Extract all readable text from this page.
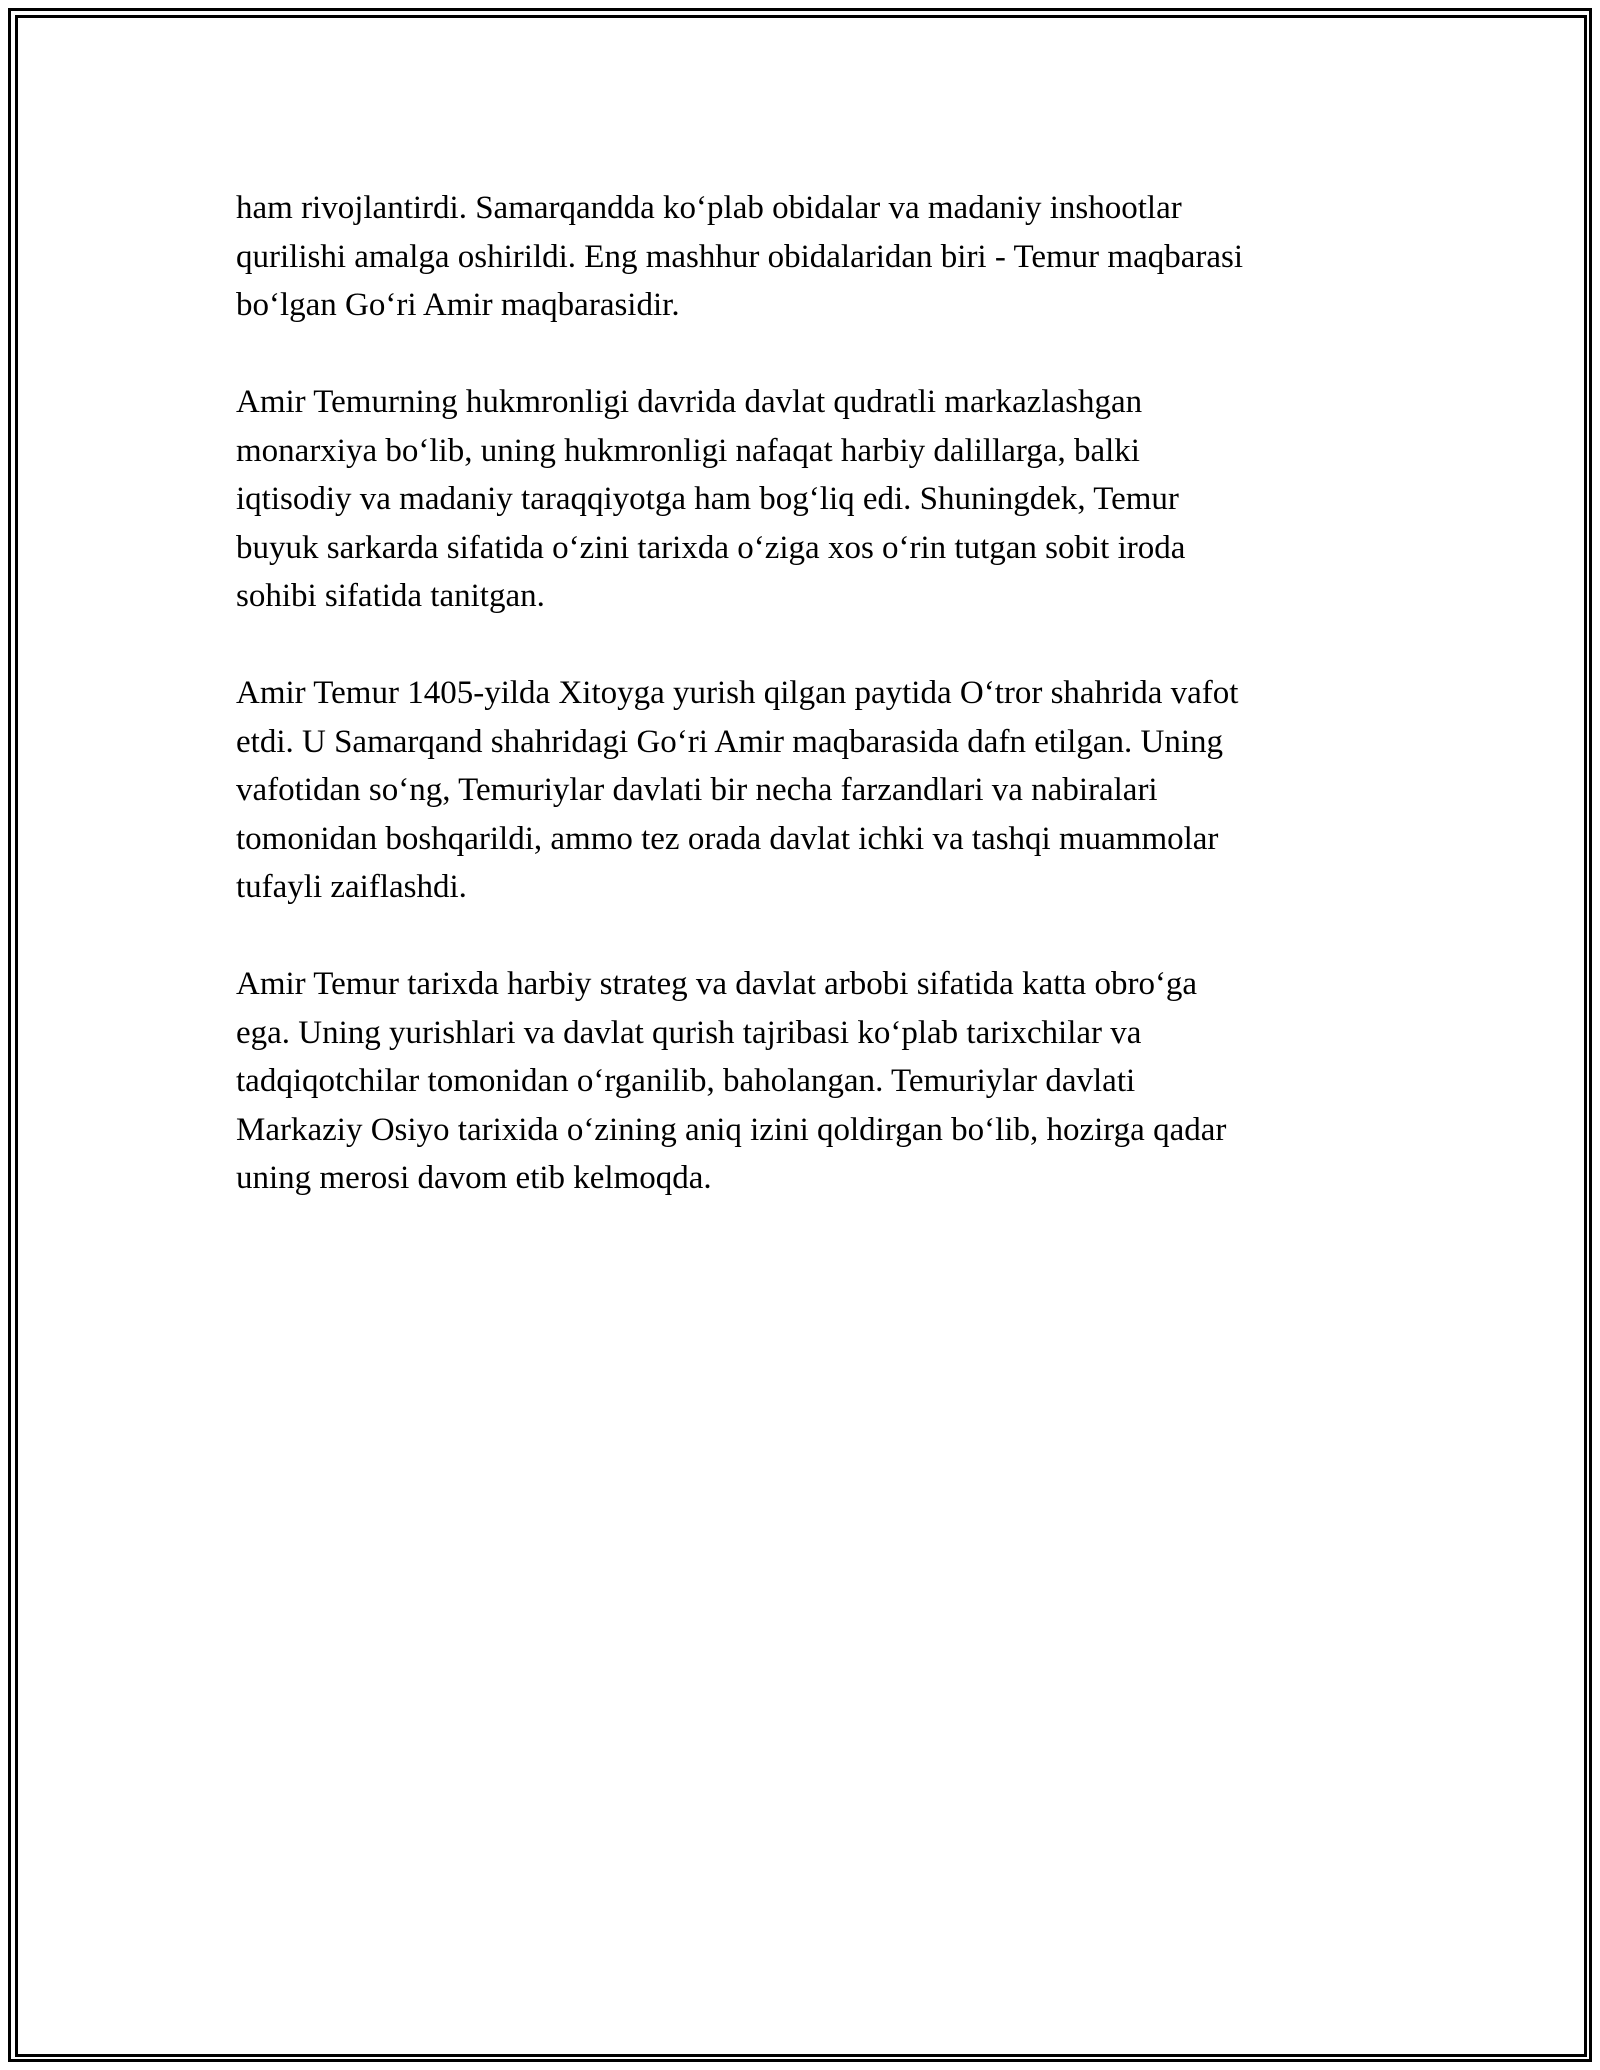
ham rivojlantirdi. Samarqandda ko‘plab obidalar va madaniy inshootlar
qurilishi amalga oshirildi. Eng mashhur obidalaridan biri - Temur maqbarasi
bo‘lgan Go‘ri Amir maqbarasidir.

Amir Temurning hukmronligi davrida davlat qudratli markazlashgan
monarxiya bo‘lib, uning hukmronligi nafaqat harbiy dalillarga, balki
iqtisodiy va madaniy taraqqiyotga ham bog‘liq edi. Shuningdek, Temur
buyuk sarkarda sifatida o‘zini tarixda o‘ziga xos o‘rin tutgan sobit iroda
sohibi sifatida tanitgan.

Amir Temur 1405-yilda Xitoyga yurish qilgan paytida O‘tror shahrida vafot
etdi. U Samarqand shahridagi Go‘ri Amir maqbarasida dafn etilgan. Uning
vafotidan so‘ng, Temuriylar davlati bir necha farzandlari va nabiralari
tomonidan boshqarildi, ammo tez orada davlat ichki va tashqi muammolar
tufayli zaiflashdi.

Amir Temur tarixda harbiy strateg va davlat arbobi sifatida katta obro‘ga
ega. Uning yurishlari va davlat qurish tajribasi ko‘plab tarixchilar va
tadqiqotchilar tomonidan o‘rganilib, baholangan. Temuriylar davlati
Markaziy Osiyo tarixida o‘zining aniq izini qoldirgan bo‘lib, hozirga qadar
uning merosi davom etib kelmoqda.
